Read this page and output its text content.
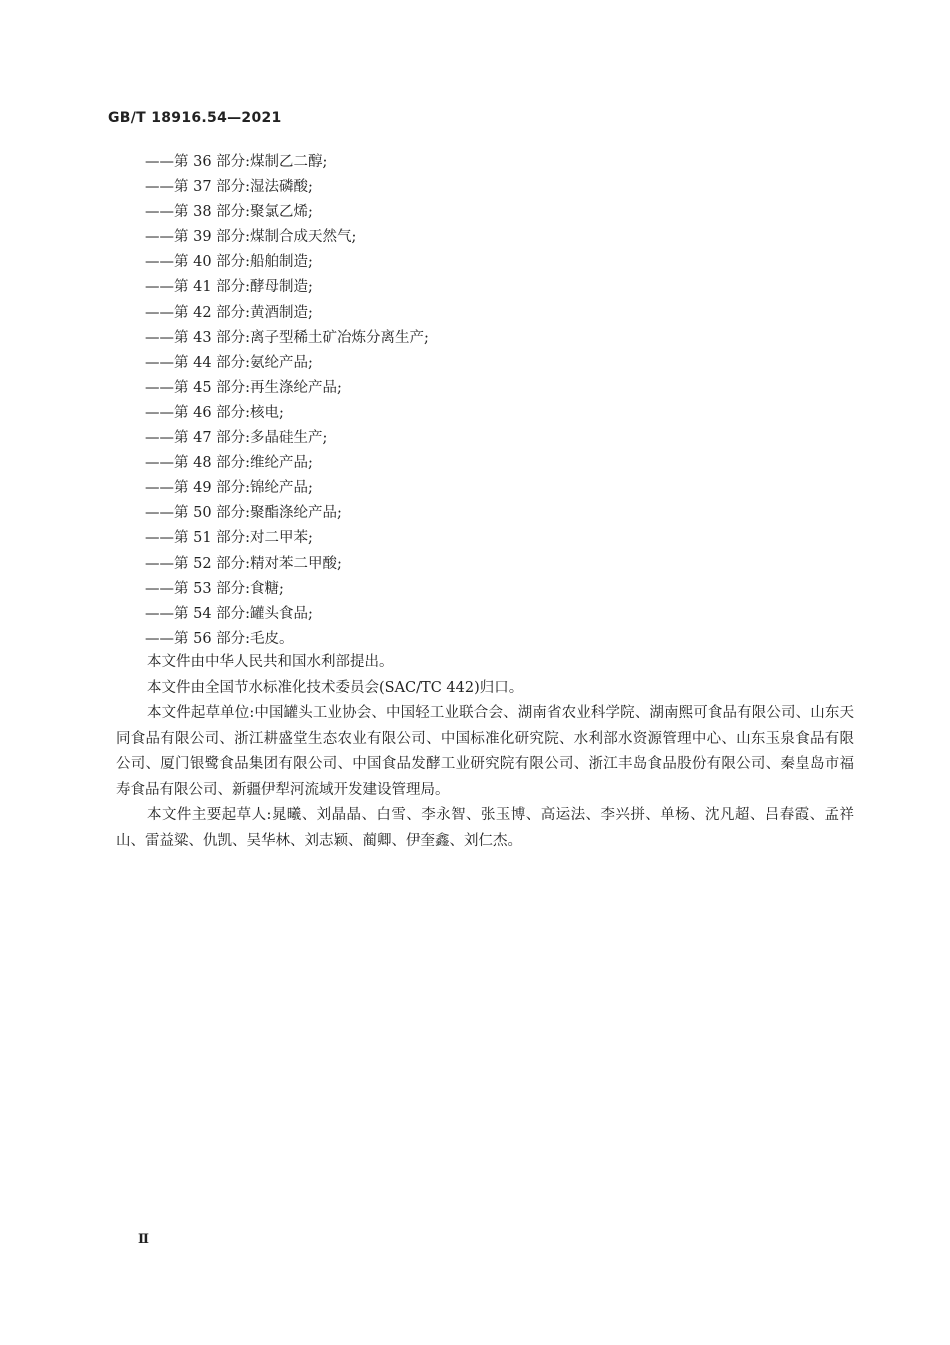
GB/T 18916.54—2021
——第 36 部分:煤制乙二醇;
——第 37 部分:湿法磷酸;
——第 38 部分:聚氯乙烯;
——第 39 部分:煤制合成天然气;
——第 40 部分:船舶制造;
——第 41 部分:酵母制造;
——第 42 部分:黄酒制造;
——第 43 部分:离子型稀土矿冶炼分离生产;
——第 44 部分:氨纶产品;
——第 45 部分:再生涤纶产品;
——第 46 部分:核电;
——第 47 部分:多晶硅生产;
——第 48 部分:维纶产品;
——第 49 部分:锦纶产品;
——第 50 部分:聚酯涤纶产品;
——第 51 部分:对二甲苯;
——第 52 部分:精对苯二甲酸;
——第 53 部分:食糖;
——第 54 部分:罐头食品;
——第 56 部分:毛皮。

本文件由中华人民共和国水利部提出。

本文件由全国节水标准化技术委员会(SAC/TC 442)归口。

本文件起草单位:中国罐头工业协会、中国轻工业联合会、湖南省农业科学院、湖南熙可食品有限公司、山东天同食品有限公司、浙江耕盛堂生态农业有限公司、中国标准化研究院、水利部水资源管理中心、山东玉泉食品有限公司、厦门银鹭食品集团有限公司、中国食品发酵工业研究院有限公司、浙江丰岛食品股份有限公司、秦皇岛市福寿食品有限公司、新疆伊犁河流域开发建设管理局。

本文件主要起草人:晁曦、刘晶晶、白雪、李永智、张玉博、高运法、李兴拼、单杨、沈凡超、吕春霞、孟祥山、雷益粱、仇凯、吴华林、刘志颖、蔺卿、伊奎鑫、刘仁杰。

Ⅱ
